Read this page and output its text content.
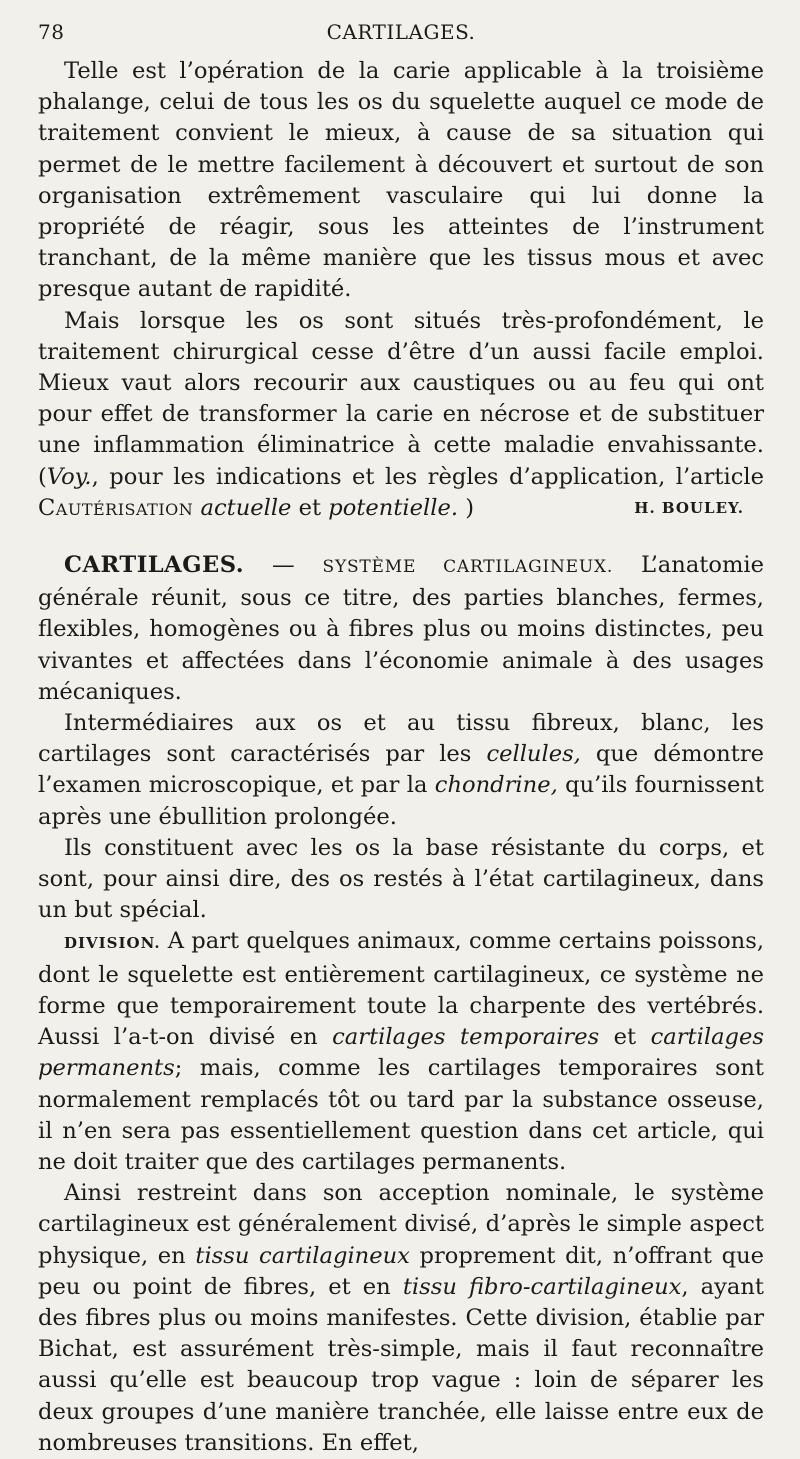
78	CARTILAGES.

Telle est l’opération de la carie applicable à la troisième phalange, celui de tous les os du squelette auquel ce mode de traitement convient le mieux, à cause de sa situation qui permet de le mettre facilement à découvert et surtout de son organisation extrêmement vasculaire qui lui donne la propriété de réagir, sous les atteintes de l’instrument tranchant, de la même manière que les tissus mous et avec presque autant de rapidité.

Mais lorsque les os sont situés très-profondément, le traitement chirurgical cesse d’être d’un aussi facile emploi. Mieux vaut alors recourir aux caustiques ou au feu qui ont pour effet de transformer la carie en nécrose et de substituer une inflammation éliminatrice à cette maladie envahissante. (Voy., pour les indications et les règles d’application, l’article Cautérisation actuelle et potentielle. )	H. BOULEY.

CARTILAGES. — SYSTÈME CARTILAGINEUX. L’anatomie générale réunit, sous ce titre, des parties blanches, fermes, flexibles, homogènes ou à fibres plus ou moins distinctes, peu vivantes et affectées dans l’économie animale à des usages mécaniques.

Intermédiaires aux os et au tissu fibreux, blanc, les cartilages sont caractérisés par les cellules, que démontre l’examen microscopique, et par la chondrine, qu’ils fournissent après une ébullition prolongée.

Ils constituent avec les os la base résistante du corps, et sont, pour ainsi dire, des os restés à l’état cartilagineux, dans un but spécial.

DIVISION. A part quelques animaux, comme certains poissons, dont le squelette est entièrement cartilagineux, ce système ne forme que temporairement toute la charpente des vertébrés. Aussi l’a-t-on divisé en cartilages temporaires et cartilages permanents; mais, comme les cartilages temporaires sont normalement remplacés tôt ou tard par la substance osseuse, il n’en sera pas essentiellement question dans cet article, qui ne doit traiter que des cartilages permanents.

Ainsi restreint dans son acception nominale, le système cartilagineux est généralement divisé, d’après le simple aspect physique, en tissu cartilagineux proprement dit, n’offrant que peu ou point de fibres, et en tissu fibro-cartilagineux, ayant des fibres plus ou moins manifestes. Cette division, établie par Bichat, est assurément très-simple, mais il faut reconnaître aussi qu’elle est beaucoup trop vague : loin de séparer les deux groupes d’une manière tranchée, elle laisse entre eux de nombreuses transitions. En effet,
